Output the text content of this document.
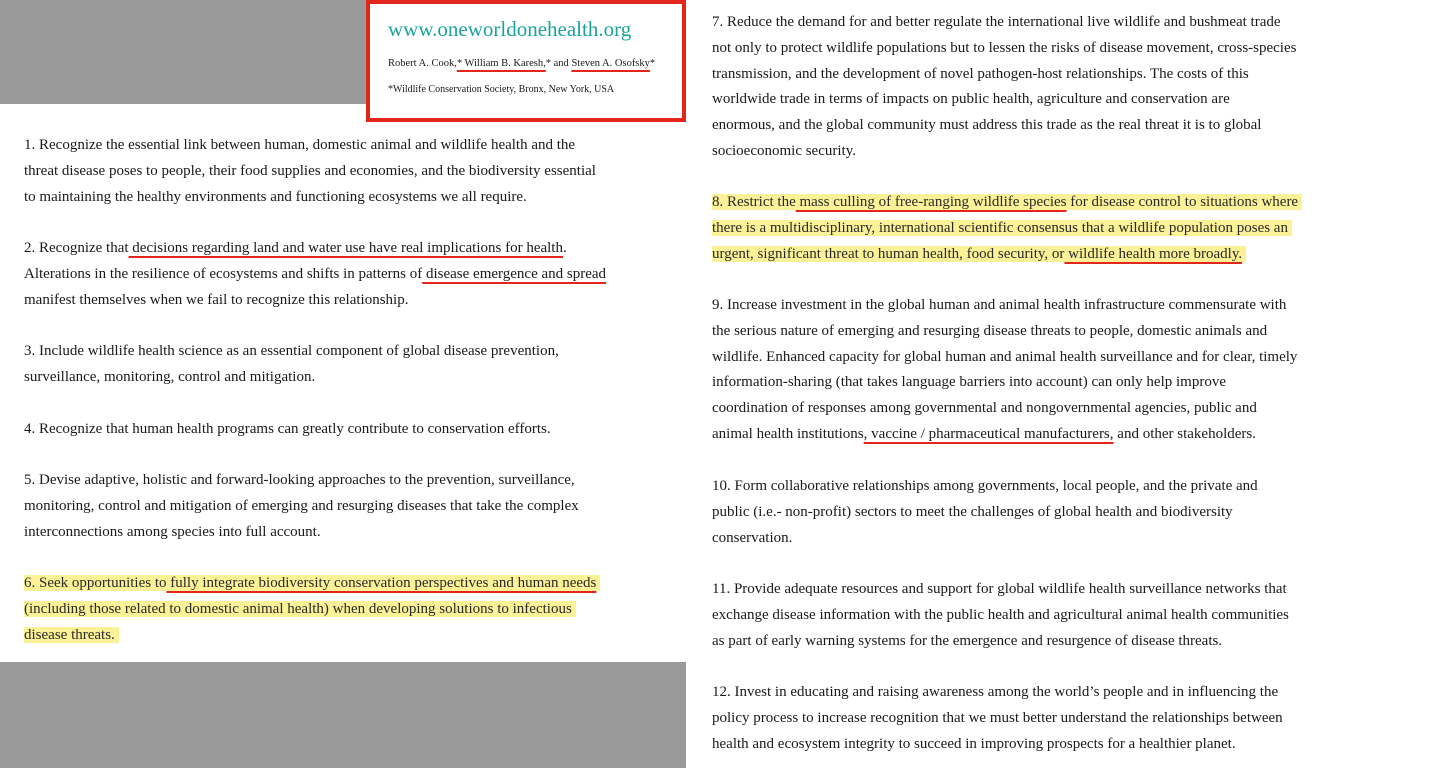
1. Recognize the essential link between human, domestic animal and wildlife health and the
threat disease poses to people, their food supplies and economies, and the biodiversity essential
to maintaining the healthy environments and functioning ecosystems we all require.

2. Recognize that decisions regarding land and water use have real implications for health.
Alterations in the resilience of ecosystems and shifts in patterns of disease emergence and spread
manifest themselves when we fail to recognize this relationship.

3. Include wildlife health science as an essential component of global disease prevention,
surveillance, monitoring, control and mitigation.

4. Recognize that human health programs can greatly contribute to conservation efforts.

5. Devise adaptive, holistic and forward-looking approaches to the prevention, surveillance,
monitoring, control and mitigation of emerging and resurging diseases that take the complex
interconnections among species into full account.

6. Seek opportunities to fully integrate biodiversity conservation perspectives and human needs
(including those related to domestic animal health) when developing solutions to infectious
disease threats.

www.oneworldonehealth.org

Robert A. Cook,* William B. Karesh,* and Steven A. Osofsky*

*Wildlife Conservation Society, Bronx, New York, USA

7. Reduce the demand for and better regulate the international live wildlife and bushmeat trade
not only to protect wildlife populations but to lessen the risks of disease movement, cross-species
transmission, and the development of novel pathogen-host relationships. The costs of this
worldwide trade in terms of impacts on public health, agriculture and conservation are
enormous, and the global community must address this trade as the real threat it is to global
socioeconomic security.

8. Restrict the mass culling of free-ranging wildlife species for disease control to situations where
there is a multidisciplinary, international scientific consensus that a wildlife population poses an
urgent, significant threat to human health, food security, or wildlife health more broadly.

9. Increase investment in the global human and animal health infrastructure commensurate with
the serious nature of emerging and resurging disease threats to people, domestic animals and
wildlife. Enhanced capacity for global human and animal health surveillance and for clear, timely
information-sharing (that takes language barriers into account) can only help improve
coordination of responses among governmental and nongovernmental agencies, public and
animal health institutions, vaccine / pharmaceutical manufacturers, and other stakeholders.

10. Form collaborative relationships among governments, local people, and the private and
public (i.e.- non-profit) sectors to meet the challenges of global health and biodiversity
conservation.

11. Provide adequate resources and support for global wildlife health surveillance networks that
exchange disease information with the public health and agricultural animal health communities
as part of early warning systems for the emergence and resurgence of disease threats.

12. Invest in educating and raising awareness among the world’s people and in influencing the
policy process to increase recognition that we must better understand the relationships between
health and ecosystem integrity to succeed in improving prospects for a healthier planet.
